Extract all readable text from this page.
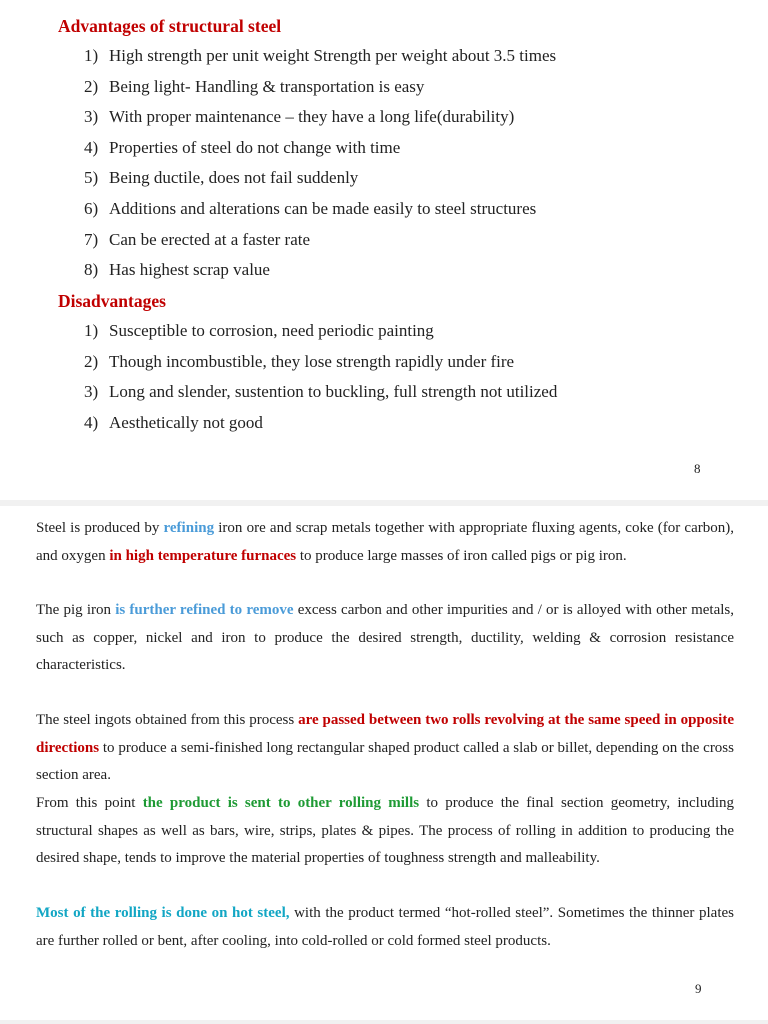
Advantages of structural steel
1) High strength per unit weight Strength per weight about 3.5 times
2) Being light- Handling & transportation is easy
3) With proper maintenance – they have a long life(durability)
4) Properties of steel do not change with time
5) Being ductile, does not fail suddenly
6) Additions and alterations can be made easily to steel structures
7) Can be erected at a faster rate
8) Has highest scrap value
Disadvantages
1) Susceptible to corrosion, need periodic painting
2) Though incombustible, they lose strength rapidly under fire
3) Long and slender, sustention to buckling, full strength not utilized
4) Aesthetically not good
8

Steel is produced by refining iron ore and scrap metals together with appropriate fluxing agents, coke (for carbon), and oxygen in high temperature furnaces to produce large masses of iron called pigs or pig iron.

The pig iron is further refined to remove excess carbon and other impurities and / or is alloyed with other metals, such as copper, nickel and iron to produce the desired strength, ductility, welding & corrosion resistance characteristics.

The steel ingots obtained from this process are passed between two rolls revolving at the same speed in opposite directions to produce a semi-finished long rectangular shaped product called a slab or billet, depending on the cross section area.

From this point the product is sent to other rolling mills to produce the final section geometry, including structural shapes as well as bars, wire, strips, plates & pipes. The process of rolling in addition to producing the desired shape, tends to improve the material properties of toughness strength and malleability.

Most of the rolling is done on hot steel, with the product termed “hot-rolled steel”. Sometimes the thinner plates are further rolled or bent, after cooling, into cold-rolled or cold formed steel products.

9
